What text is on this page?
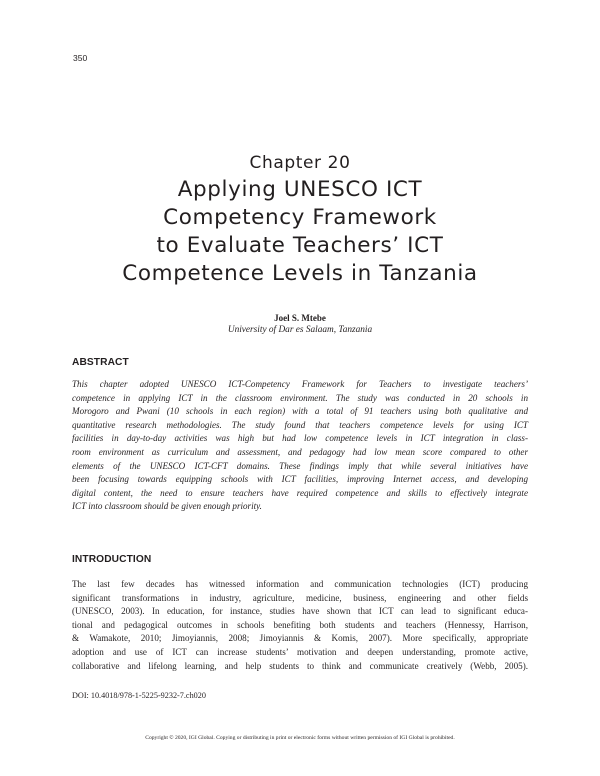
350
Chapter 20
Applying UNESCO ICT
Competency Framework
to Evaluate Teachers’ ICT
Competence Levels in Tanzania
Joel S. Mtebe
University of Dar es Salaam, Tanzania
ABSTRACT
This chapter adopted UNESCO ICT-Competency Framework for Teachers to investigate teachers’
competence in applying ICT in the classroom environment. The study was conducted in 20 schools in
Morogoro and Pwani (10 schools in each region) with a total of 91 teachers using both qualitative and
quantitative research methodologies. The study found that teachers competence levels for using ICT
facilities in day-to-day activities was high but had low competence levels in ICT integration in class-
room environment as curriculum and assessment, and pedagogy had low mean score compared to other
elements of the UNESCO ICT-CFT domains. These findings imply that while several initiatives have
been focusing towards equipping schools with ICT facilities, improving Internet access, and developing
digital content, the need to ensure teachers have required competence and skills to effectively integrate
ICT into classroom should be given enough priority.
INTRODUCTION
The last few decades has witnessed information and communication technologies (ICT) producing
significant transformations in industry, agriculture, medicine, business, engineering and other fields
(UNESCO, 2003). In education, for instance, studies have shown that ICT can lead to significant educa-
tional and pedagogical outcomes in schools benefiting both students and teachers (Hennessy, Harrison,
& Wamakote, 2010; Jimoyiannis, 2008; Jimoyiannis & Komis, 2007). More specifically, appropriate
adoption and use of ICT can increase students’ motivation and deepen understanding, promote active,
collaborative and lifelong learning, and help students to think and communicate creatively (Webb, 2005).
DOI: 10.4018/978-1-5225-9232-7.ch020
Copyright © 2020, IGI Global. Copying or distributing in print or electronic forms without written permission of IGI Global is prohibited.
